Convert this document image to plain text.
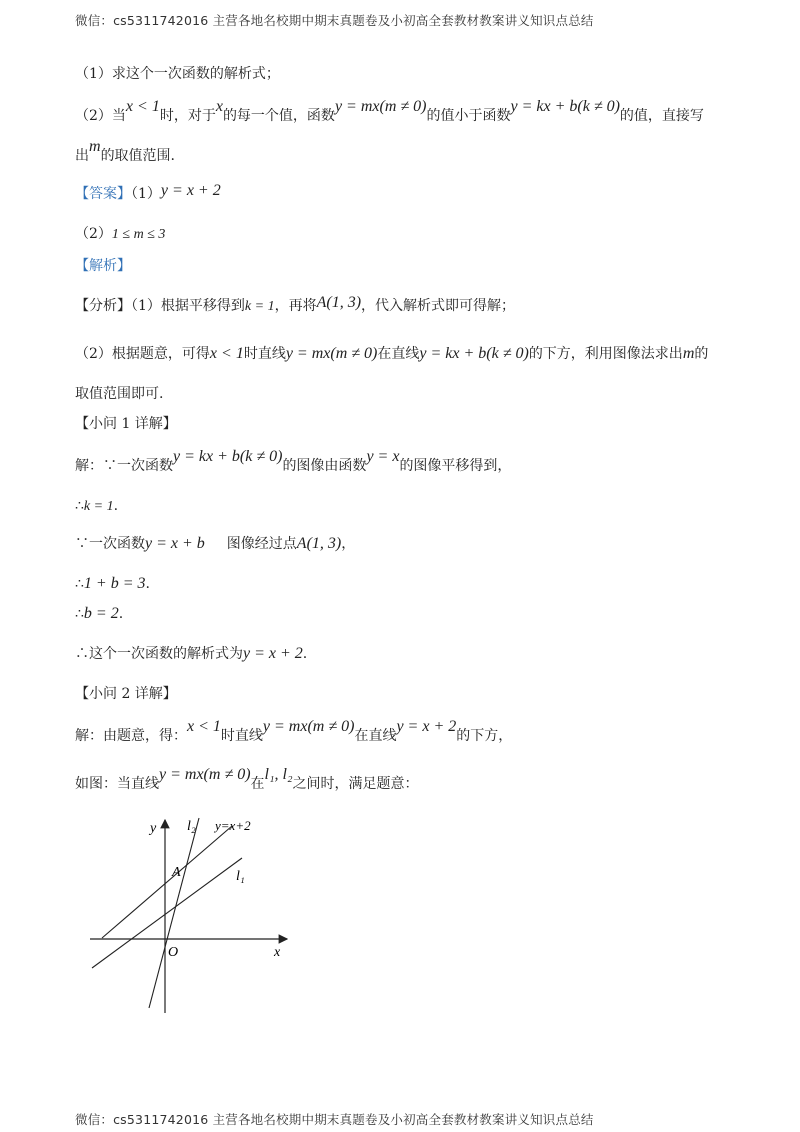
微信：cs5311742016 主营各地名校期中期末真题卷及小初高全套教材教案讲义知识点总结
（1）求这个一次函数的解析式；
（2）当x < 1时，对于x的每一个值，函数y = mx(m ≠ 0)的值小于函数y = kx + b(k ≠ 0)的值，直接写
出m的取值范围.
【答案】（1）y = x + 2
（2）1 ≤ m ≤ 3
【解析】
【分析】（1）根据平移得到k = 1，再将A(1, 3)，代入解析式即可得解；
（2）根据题意，可得x < 1时直线y = mx(m ≠ 0)在直线y = kx + b(k ≠ 0)的下方，利用图像法求出m的
取值范围即可.
【小问 1 详解】
解：∵一次函数y = kx + b(k ≠ 0)的图像由函数y = x的图像平移得到，
∴k = 1.
∵一次函数y = x + b 图像经过点A(1, 3)，
∴1 + b = 3.
∴b = 2.
∴这个一次函数的解析式为y = x + 2.
【小问 2 详解】
解：由题意，得：x < 1时直线y = mx(m ≠ 0)在直线y = x + 2的下方，
如图：当直线y = mx(m ≠ 0)在l₁, l₂之间时，满足题意：
y
x
O
A
l₂ y=x+2
l₁
微信：cs5311742016 主营各地名校期中期末真题卷及小初高全套教材教案讲义知识点总结
